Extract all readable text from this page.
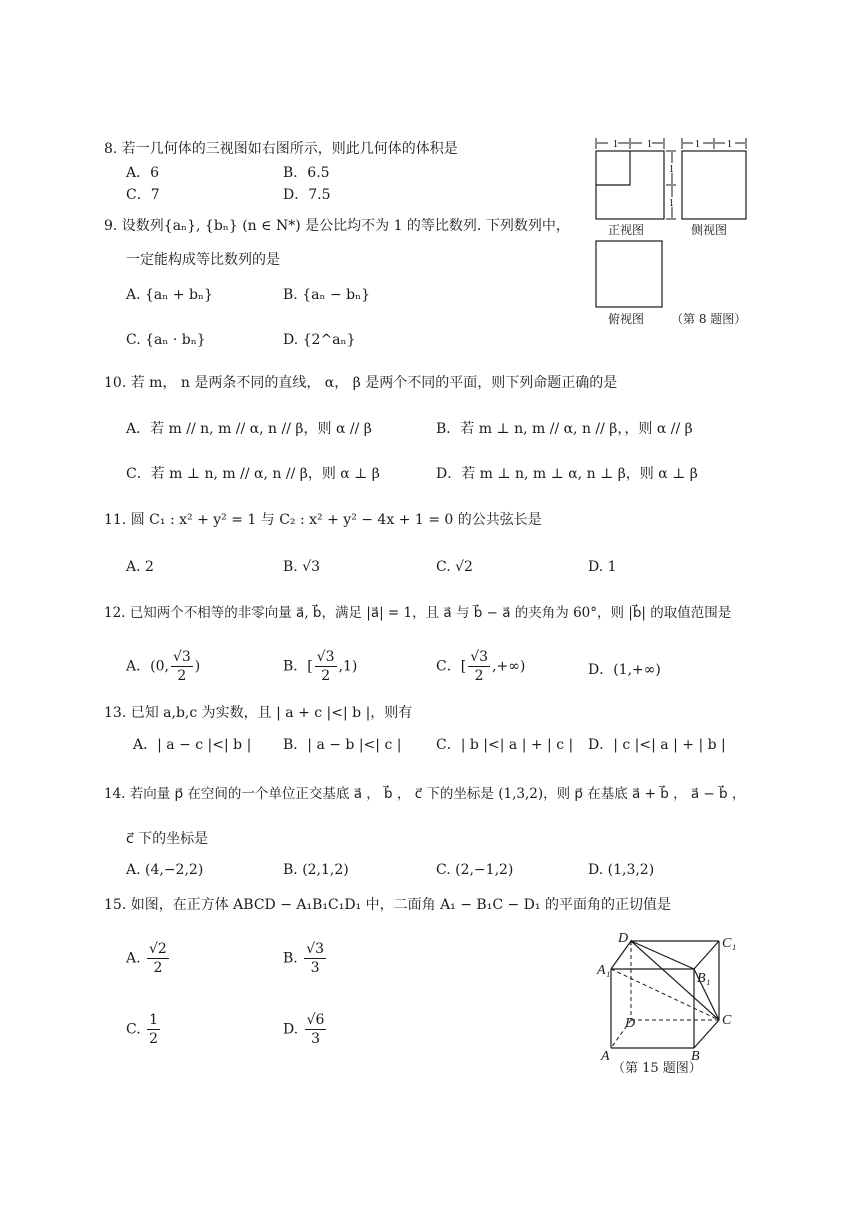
8. 若一几何体的三视图如右图所示，则此几何体的体积是
A．6	B．6.5
C．7	D．7.5
1	1
1
1
1	1
正视图	侧视图
俯视图 （第 8 题图）
9. 设数列{aₙ}, {bₙ} (n ∈ N*) 是公比均不为 1 的等比数列. 下列数列中，
一定能构成等比数列的是
A. {aₙ + bₙ}	B. {aₙ − bₙ}
C. {aₙ · bₙ}	D. {2^aₙ}
10. 若 m， n 是两条不同的直线， α， β 是两个不同的平面，则下列命题正确的是
A．若 m // n, m // α, n // β，则 α // β	B．若 m ⊥ n, m // α, n // β，，则 α // β
C．若 m ⊥ n, m // α, n // β，则 α ⊥ β	D．若 m ⊥ n, m ⊥ α, n ⊥ β，则 α ⊥ β
11. 圆 C₁ : x² + y² = 1 与 C₂ : x² + y² − 4x + 1 = 0 的公共弦长是
A. 2	B. √3	C. √2	D. 1
12. 已知两个不相等的非零向量 a⃗, b⃗，满足 |a⃗| = 1，且 a⃗ 与 b⃗ − a⃗ 的夹角为 60°，则 |b⃗| 的取值范围是
A．(0, $\frac{√3}{2}$ )	B．[ $\frac{√3}{2} ,1$)	C．[ $\frac{√3}{2}$ ,+∞)	D．(1,+∞)
13. 已知 a,b,c 为实数，且 | a + c |<| b |，则有
A．| a − c |<| b | B．| a − b |<| c | C．| b |<| a | + | c | D．| c |<| a | + | b |
14. 若向量 p⃗ 在空间的一个单位正交基底 a⃗ ， b⃗ ， c⃗ 下的坐标是 (1,3,2)，则 p⃗ 在基底 a⃗ + b⃗ ， a⃗ − b⃗ ，
c⃗ 下的坐标是
A. (4,−2,2)	B. (2,1,2)	C. (2,−1,2)	D. (1,3,2)
15. 如图，在正方体 ABCD − A₁B₁C₁D₁ 中，二面角 A₁ − B₁C − D₁ 的平面角的正切值是
A. $\frac{√2}{2}$	B. $\frac{√3}{3}$
C. $\frac{1}{2}$	D. $\frac{√6}{3}$
D₁	C₁
A₁
B₁
D	C
A	B
（第 15 题图）
